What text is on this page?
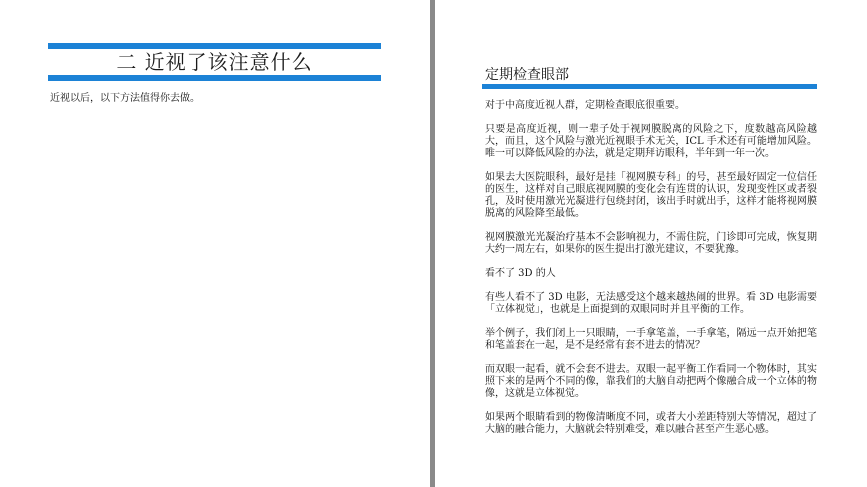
二 近视了该注意什么
近视以后，以下方法值得你去做。
定期检查眼部

对于中高度近视人群，定期检查眼底很重要。

只要是高度近视，则一辈子处于视网膜脱离的风险之下，度数越高风险越大，而且，这个风险与激光近视眼手术无关，ICL 手术还有可能增加风险。唯一可以降低风险的办法，就是定期拜访眼科，半年到一年一次。

如果去大医院眼科，最好是挂「视网膜专科」的号，甚至最好固定一位信任的医生，这样对自己眼底视网膜的变化会有连贯的认识，发现变性区或者裂孔，及时使用激光光凝进行包绕封闭，该出手时就出手，这样才能将视网膜脱离的风险降至最低。

视网膜激光光凝治疗基本不会影响视力，不需住院，门诊即可完成，恢复期大约一周左右，如果你的医生提出打激光建议，不要犹豫。

看不了 3D 的人

有些人看不了 3D 电影，无法感受这个越来越热闹的世界。看 3D 电影需要「立体视觉」，也就是上面提到的双眼同时并且平衡的工作。

举个例子，我们闭上一只眼睛，一手拿笔盖，一手拿笔，隔远一点开始把笔和笔盖套在一起，是不是经常有套不进去的情况？

而双眼一起看，就不会套不进去。双眼一起平衡工作看同一个物体时，其实照下来的是两个不同的像，靠我们的大脑自动把两个像融合成一个立体的物像，这就是立体视觉。

如果两个眼睛看到的物像清晰度不同，或者大小差距特别大等情况，超过了大脑的融合能力，大脑就会特别难受，难以融合甚至产生恶心感。
